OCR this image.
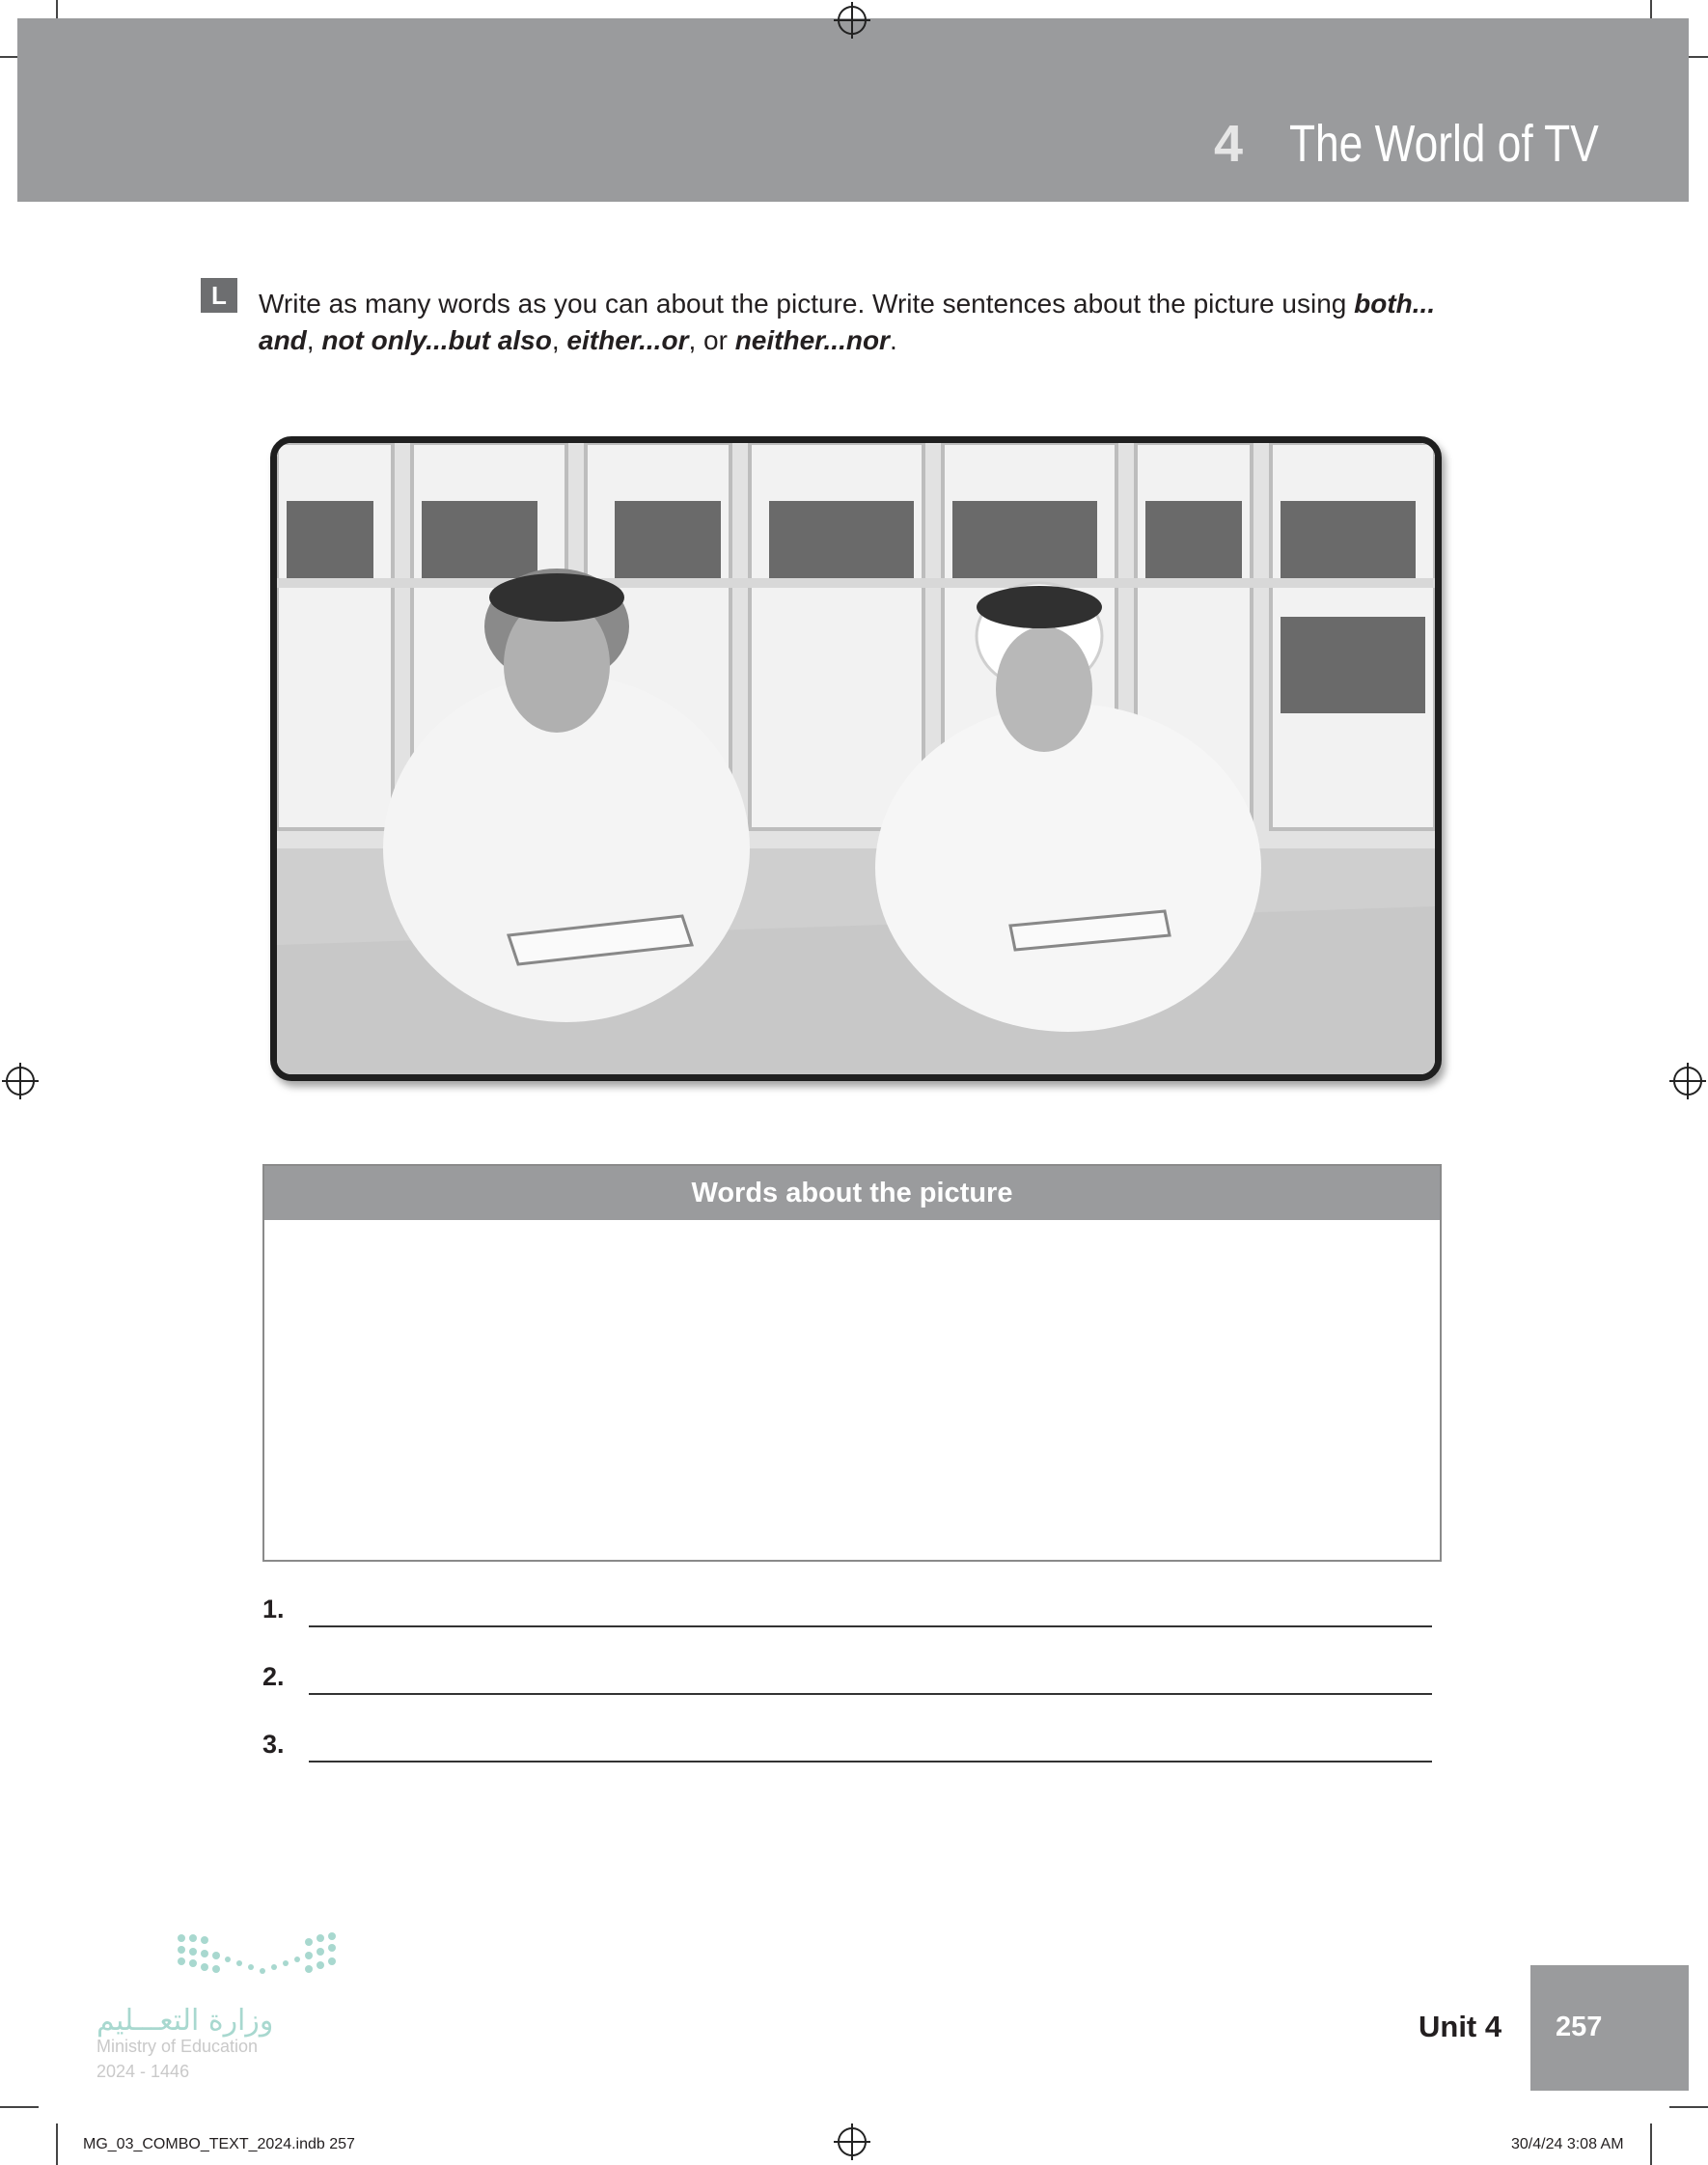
4 The World of TV
L	Write as many words as you can about the picture. Write sentences about the picture using both...
and, not only...but also, either...or, or neither...nor.
Words about the picture
1.
2.
3.
وزارة التعـــليم
Ministry of Education
2024 - 1446
Unit 4 257
MG_03_COMBO_TEXT_2024.indb 257	30/4/24 3:08 AM
